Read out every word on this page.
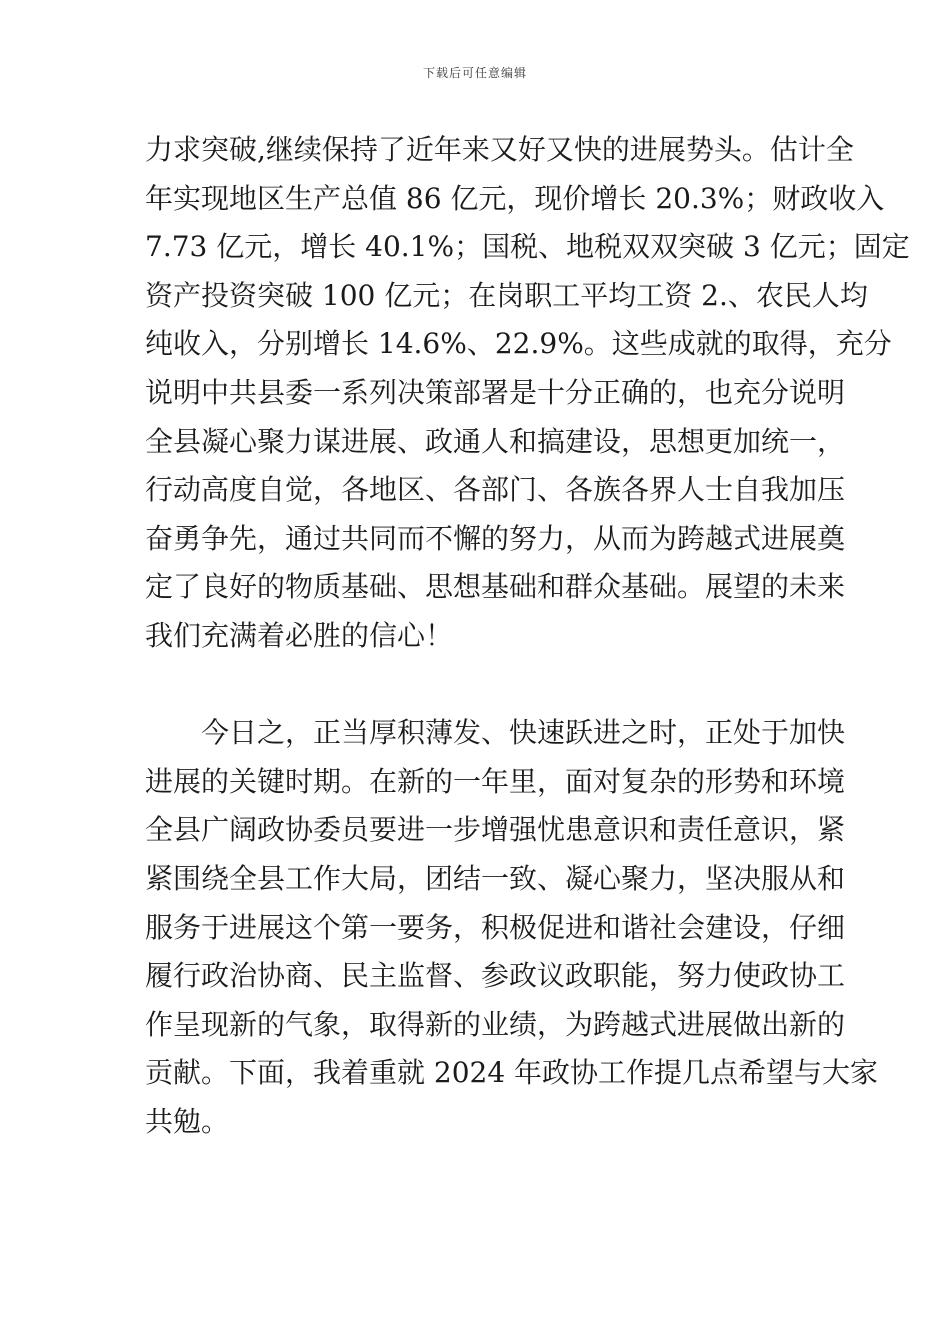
下载后可任意编辑
力求突破,继续保持了近年来又好又快的进展势头。估计全
年实现地区生产总值 86 亿元，现价增长 20.3%；财政收入
7.73 亿元，增长 40.1%；国税、地税双双突破 3 亿元；固定
资产投资突破 100 亿元；在岗职工平均工资 2.、农民人均
纯收入，分别增长 14.6%、22.9%。这些成就的取得，充分
说明中共县委一系列决策部署是十分正确的，也充分说明
全县凝心聚力谋进展、政通人和搞建设，思想更加统一，
行动高度自觉，各地区、各部门、各族各界人士自我加压
奋勇争先，通过共同而不懈的努力，从而为跨越式进展奠
定了良好的物质基础、思想基础和群众基础。展望的未来
我们充满着必胜的信心！
　　今日之，正当厚积薄发、快速跃进之时，正处于加快
进展的关键时期。在新的一年里，面对复杂的形势和环境
全县广阔政协委员要进一步增强忧患意识和责任意识，紧
紧围绕全县工作大局，团结一致、凝心聚力，坚决服从和
服务于进展这个第一要务，积极促进和谐社会建设，仔细
履行政治协商、民主监督、参政议政职能，努力使政协工
作呈现新的气象，取得新的业绩，为跨越式进展做出新的
贡献。下面，我着重就 2024 年政协工作提几点希望与大家
共勉。
